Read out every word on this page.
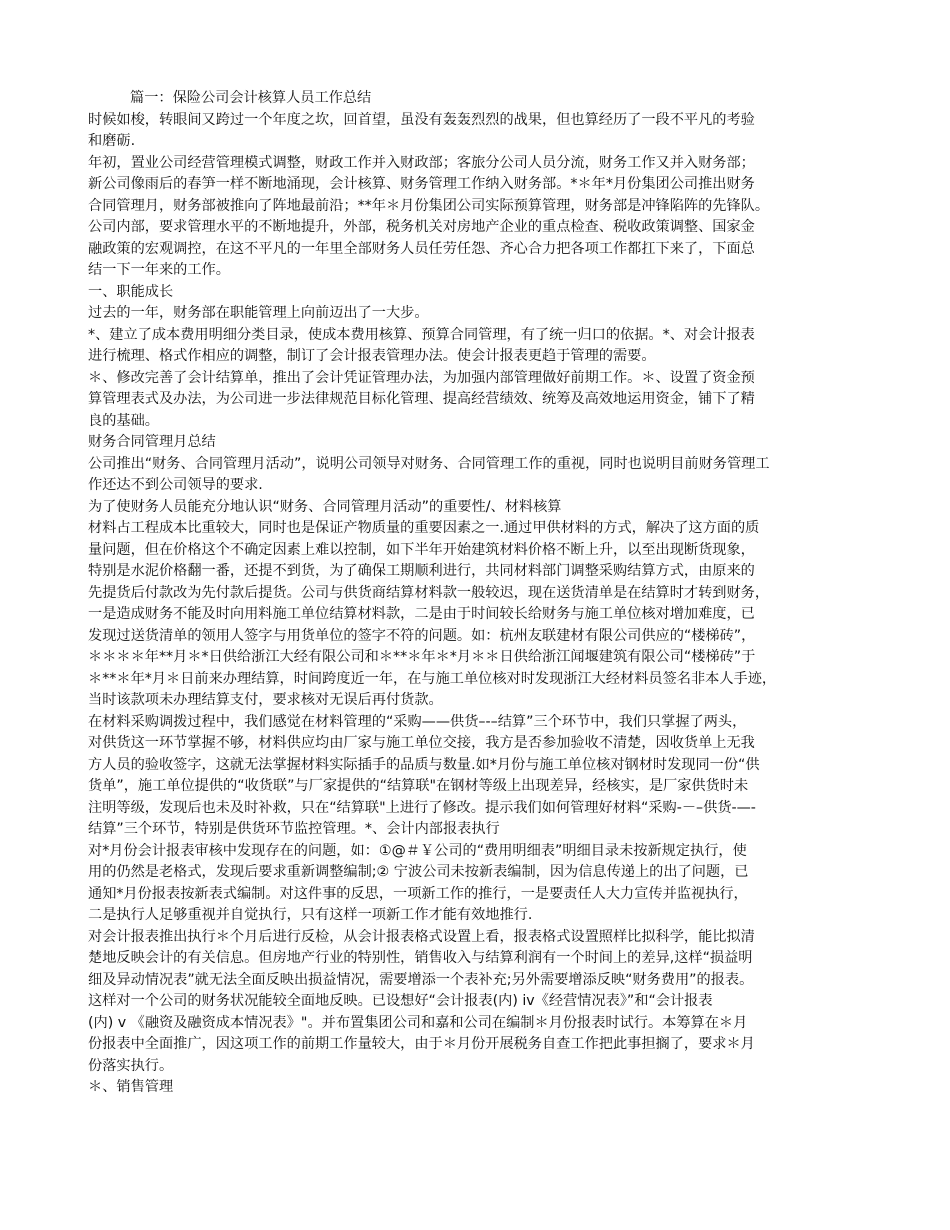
篇一：保险公司会计核算人员工作总结

时候如梭，转眼间又跨过一个年度之坎，回首望，虽没有轰轰烈烈的战果，但也算经历了一段不平凡的考验
和磨砺.

年初，置业公司经营管理模式调整，财政工作并入财政部；客旅分公司人员分流，财务工作又并入财务部；
新公司像雨后的春笋一样不断地涌现，会计核算、财务管理工作纳入财务部。*＊年*月份集团公司推出财务
合同管理月，财务部被推向了阵地最前沿；**年＊月份集团公司实际预算管理，财务部是冲锋陷阵的先锋队。
公司内部，要求管理水平的不断地提升，外部，税务机关对房地产企业的重点检查、税收政策调整、国家金
融政策的宏观调控，在这不平凡的一年里全部财务人员任劳任怨、齐心合力把各项工作都扛下来了，下面总
结一下一年来的工作。

一、职能成长

过去的一年，财务部在职能管理上向前迈出了一大步。

*、建立了成本费用明细分类目录，使成本费用核算、预算合同管理，有了统一归口的依据。*、对会计报表
进行梳理、格式作相应的调整，制订了会计报表管理办法。使会计报表更趋于管理的需要。

＊、修改完善了会计结算单，推出了会计凭证管理办法，为加强内部管理做好前期工作。＊、设置了资金预
算管理表式及办法，为公司进一步法律规范目标化管理、提高经营绩效、统筹及高效地运用资金，铺下了精
良的基础。

财务合同管理月总结

公司推出“财务、合同管理月活动”，说明公司领导对财务、合同管理工作的重视，同时也说明目前财务管理工
作还达不到公司领导的要求.

为了使财务人员能充分地认识“财务、合同管理月活动”的重要性/、材料核算

材料占工程成本比重较大，同时也是保证产物质量的重要因素之一.通过甲供材料的方式，解决了这方面的质
量问题，但在价格这个不确定因素上难以控制，如下半年开始建筑材料价格不断上升，以至出现断货现象，
特别是水泥价格翻一番，还提不到货，为了确保工期顺利进行，共同材料部门调整采购结算方式，由原来的
先提货后付款改为先付款后提货。公司与供货商结算材料款一般较迟，现在送货清单是在结算时才转到财务，
一是造成财务不能及时向用料施工单位结算材料款，二是由于时间较长给财务与施工单位核对增加难度，已
发现过送货清单的领用人签字与用货单位的签字不符的问题。如：杭州友联建材有限公司供应的“楼梯砖”，
＊＊＊＊年**月＊*日供给浙江大经有限公司和＊**＊年＊*月＊＊日供给浙江闻堰建筑有限公司“楼梯砖”于
＊**＊年*月＊日前来办理结算，时间跨度近一年，在与施工单位核对时发现浙江大经材料员签名非本人手迹，
当时该款项未办理结算支付，要求核对无误后再付货款。

在材料采购调拨过程中，我们感觉在材料管理的“采购——供货–-–结算”三个环节中，我们只掌握了两头，
对供货这一环节掌握不够，材料供应均由厂家与施工单位交接，我方是否参加验收不清楚，因收货单上无我
方人员的验收签字，这就无法掌握材料实际插手的品质与数量.如*月份与施工单位核对钢材时发现同一份“供
货单”，施工单位提供的“收货联”与厂家提供的“结算联"在钢材等级上出现差异，经核实，是厂家供货时未
注明等级，发现后也未及时补救，只在“结算联"上进行了修改。提示我们如何管理好材料“采购-－–供货-—-
结算”三个环节，特别是供货环节监控管理。*、会计内部报表执行

对*月份会计报表审核中发现存在的问题，如：①@＃￥公司的“费用明细表”明细目录未按新规定执行，使
用的仍然是老格式，发现后要求重新调整编制;② 宁波公司未按新表编制，因为信息传递上的出了问题，已
通知*月份报表按新表式编制。对这件事的反思，一项新工作的推行，一是要责任人大力宣传并监视执行，
二是执行人足够重视并自觉执行，只有这样一项新工作才能有效地推行.

对会计报表推出执行＊个月后进行反检，从会计报表格式设置上看，报表格式设置照样比拟科学，能比拟清
楚地反映会计的有关信息。但房地产行业的特别性，销售收入与结算利润有一个时间上的差异,这样“损益明
细及异动情况表”就无法全面反映出损益情况，需要增添一个表补充;另外需要增添反映“财务费用”的报表。
这样对一个公司的财务状况能较全面地反映。已设想好“会计报表(内) iv《经营情况表》”和“会计报表
(内) v 《融资及融资成本情况表》"。并布置集团公司和嘉和公司在编制＊月份报表时试行。本筹算在＊月
份报表中全面推广，因这项工作的前期工作量较大，由于＊月份开展税务自查工作把此事担搁了，要求＊月
份落实执行。

＊、销售管理
